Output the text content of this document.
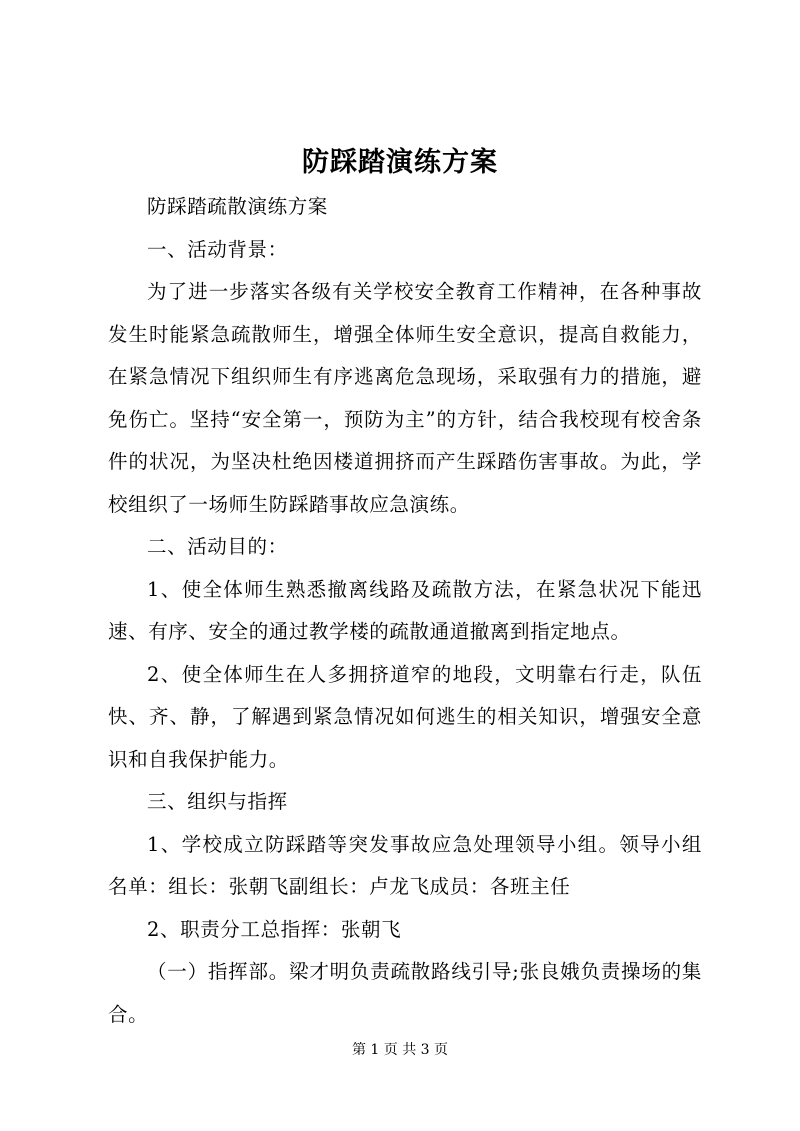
防踩踏演练方案

防踩踏疏散演练方案

一、活动背景：

为了进一步落实各级有关学校安全教育工作精神，在各种事故发生时能紧急疏散师生，增强全体师生安全意识，提高自救能力，在紧急情况下组织师生有序逃离危急现场，采取强有力的措施，避免伤亡。坚持“安全第一，预防为主”的方针，结合我校现有校舍条件的状况，为坚决杜绝因楼道拥挤而产生踩踏伤害事故。为此，学校组织了一场师生防踩踏事故应急演练。

二、活动目的：

1、使全体师生熟悉撤离线路及疏散方法，在紧急状况下能迅速、有序、安全的通过教学楼的疏散通道撤离到指定地点。

2、使全体师生在人多拥挤道窄的地段，文明靠右行走，队伍快、齐、静，了解遇到紧急情况如何逃生的相关知识，增强安全意识和自我保护能力。

三、组织与指挥

1、学校成立防踩踏等突发事故应急处理领导小组。领导小组名单：组长：张朝飞副组长：卢龙飞成员：各班主任

2、职责分工总指挥：张朝飞

（一）指挥部。梁才明负责疏散路线引导;张良娥负责操场的集合。

第 1 页 共 3 页
